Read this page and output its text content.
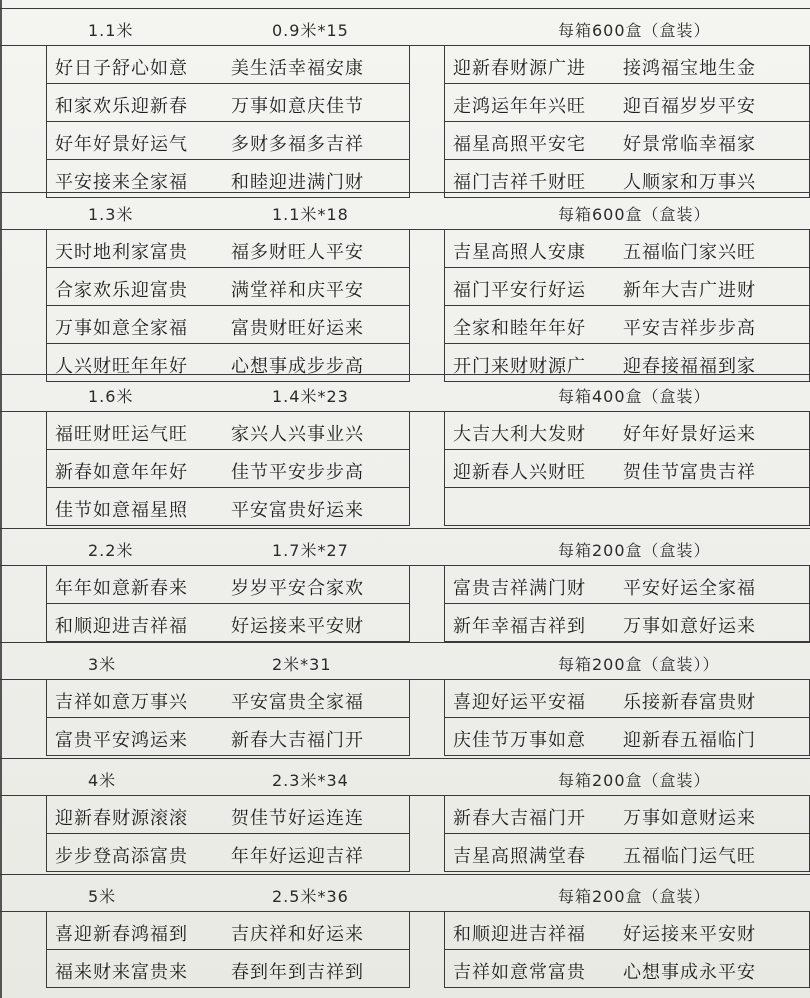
1.1米	0.9米*15	每箱600盒（盒装）
好日子舒心如意 美生活幸福安康	迎新春财源广进 接鸿福宝地生金
和家欢乐迎新春 万事如意庆佳节	走鸿运年年兴旺 迎百福岁岁平安
好年好景好运气 多财多福多吉祥	福星高照平安宅 好景常临幸福家
平安接来全家福 和睦迎进满门财	福门吉祥千财旺 人顺家和万事兴
1.3米	1.1米*18	每箱600盒（盒装）
天时地利家富贵 福多财旺人平安	吉星高照人安康 五福临门家兴旺
合家欢乐迎富贵 满堂祥和庆平安	福门平安行好运 新年大吉广进财
万事如意全家福 富贵财旺好运来	全家和睦年年好 平安吉祥步步高
人兴财旺年年好 心想事成步步高	开门来财财源广 迎春接福福到家
1.6米	1.4米*23	每箱400盒（盒装）
福旺财旺运气旺 家兴人兴事业兴	大吉大利大发财 好年好景好运来
新春如意年年好 佳节平安步步高	迎新春人兴财旺 贺佳节富贵吉祥
佳节如意福星照 平安富贵好运来
2.2米	1.7米*27	每箱200盒（盒装）
年年如意新春来 岁岁平安合家欢	富贵吉祥满门财 平安好运全家福
和顺迎进吉祥福 好运接来平安财	新年幸福吉祥到 万事如意好运来
3米	2米*31	每箱200盒（盒装））
吉祥如意万事兴 平安富贵全家福	喜迎好运平安福 乐接新春富贵财
富贵平安鸿运来 新春大吉福门开	庆佳节万事如意 迎新春五福临门
4米	2.3米*34	每箱200盒（盒装）
迎新春财源滚滚 贺佳节好运连连	新春大吉福门开 万事如意财运来
步步登高添富贵 年年好运迎吉祥	吉星高照满堂春 五福临门运气旺
5米	2.5米*36	每箱200盒（盒装）
喜迎新春鸿福到 吉庆祥和好运来	和顺迎进吉祥福 好运接来平安财
福来财来富贵来 春到年到吉祥到	吉祥如意常富贵 心想事成永平安
